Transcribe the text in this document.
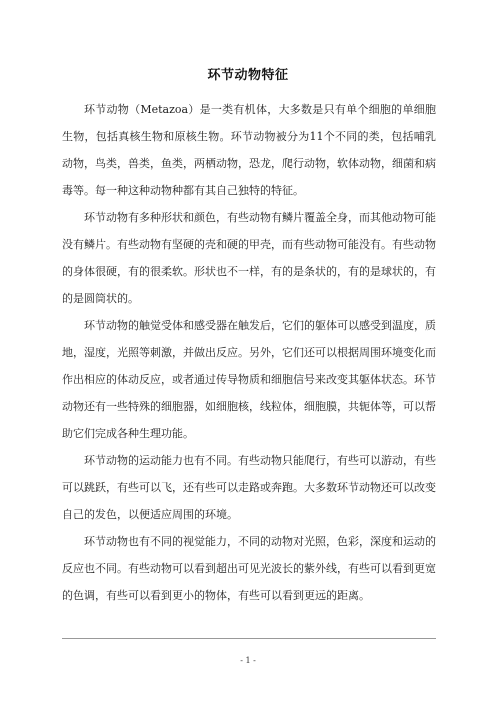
环节动物特征

环节动物（Metazoa）是一类有机体，大多数是只有单个细胞的单细胞生物，包括真核生物和原核生物。环节动物被分为11个不同的类，包括哺乳动物，鸟类，兽类，鱼类，两栖动物，恐龙，爬行动物，软体动物，细菌和病毒等。每一种这种动物种都有其自己独特的特征。

环节动物有多种形状和颜色，有些动物有鳞片覆盖全身，而其他动物可能没有鳞片。有些动物有坚硬的壳和硬的甲壳，而有些动物可能没有。有些动物的身体很硬，有的很柔软。形状也不一样，有的是条状的，有的是球状的，有的是圆筒状的。

环节动物的触觉受体和感受器在触发后，它们的躯体可以感受到温度，质地，湿度，光照等刺激，并做出反应。另外，它们还可以根据周围环境变化而作出相应的体动反应，或者通过传导物质和细胞信号来改变其躯体状态。环节动物还有一些特殊的细胞器，如细胞核，线粒体，细胞膜，共轭体等，可以帮助它们完成各种生理功能。

环节动物的运动能力也有不同。有些动物只能爬行，有些可以游动，有些可以跳跃，有些可以飞，还有些可以走路或奔跑。大多数环节动物还可以改变自己的发色，以便适应周围的环境。

环节动物也有不同的视觉能力，不同的动物对光照，色彩，深度和运动的反应也不同。有些动物可以看到超出可见光波长的紫外线，有些可以看到更宽的色调，有些可以看到更小的物体，有些可以看到更远的距离。

- 1 -
